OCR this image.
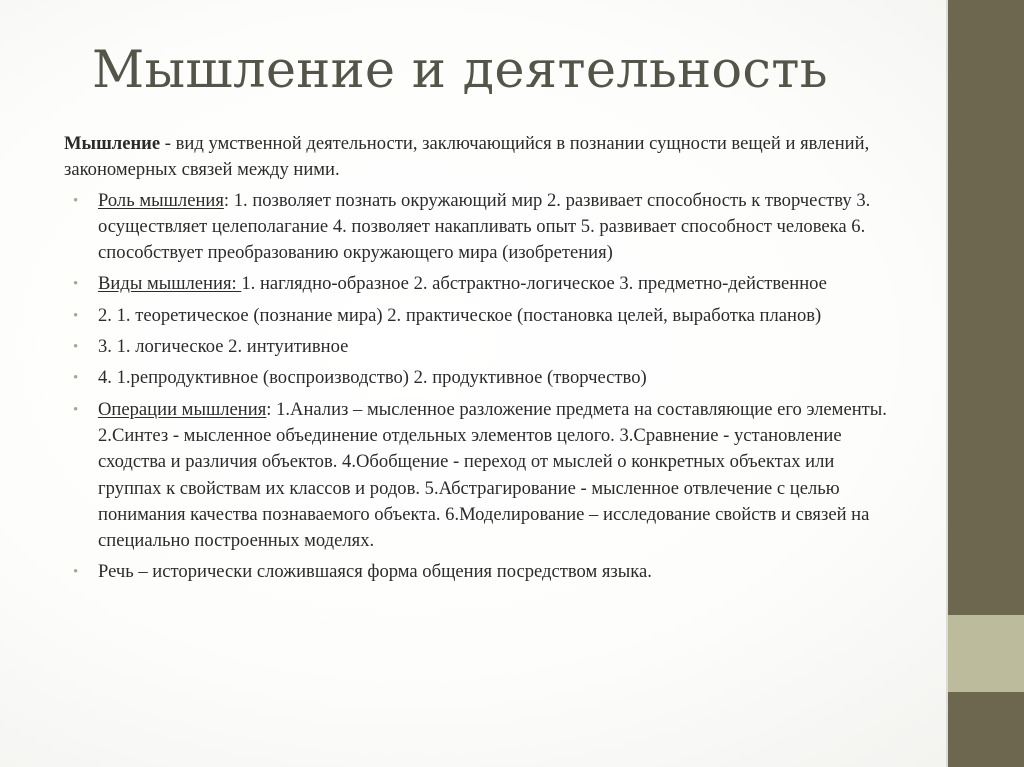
Мышление и деятельность

Мышление - вид умственной деятельности, заключающийся в познании сущности вещей и явлений, закономерных связей между ними.

• Роль мышления: 1. позволяет познать окружающий мир 2. развивает способность к творчеству 3. осуществляет целеполагание 4. позволяет накапливать опыт 5. развивает способност человека 6. способствует преобразованию окружающего мира (изобретения)
• Виды мышления: 1. наглядно-образное 2. абстрактно-логическое 3. предметно-действенное
• 2. 1. теоретическое (познание мира) 2. практическое (постановка целей, выработка планов)
• 3. 1. логическое 2. интуитивное
• 4. 1.репродуктивное (воспроизводство) 2. продуктивное (творчество)
• Операции мышления: 1.Анализ – мысленное разложение предмета на составляющие его элементы. 2.Синтез - мысленное объединение отдельных элементов целого. 3.Сравнение - установление сходства и различия объектов. 4.Обобщение - переход от мыслей о конкретных объектах или группах к свойствам их классов и родов. 5.Абстрагирование - мысленное отвлечение с целью понимания качества познаваемого объекта. 6.Моделирование – исследование свойств и связей на специально построенных моделях.
• Речь – исторически сложившаяся форма общения посредством языка.
